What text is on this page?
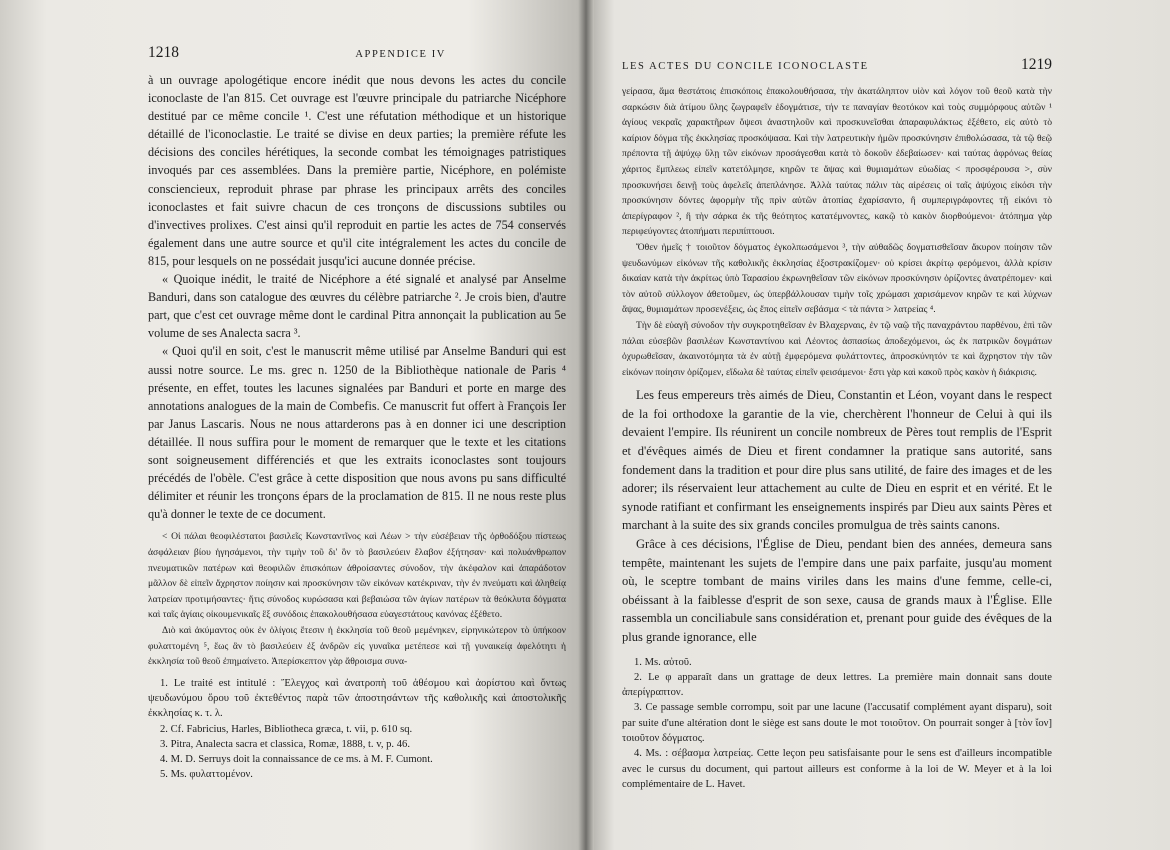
1218	APPENDICE IV

à un ouvrage apologétique encore inédit que nous devons les actes du concile iconoclaste de l'an 815. Cet ouvrage est l'œuvre principale du patriarche Nicéphore destitué par ce même concile ¹. C'est une réfutation méthodique et un historique détaillé de l'iconoclastie. Le traité se divise en deux parties; la première réfute les décisions des conciles hérétiques, la seconde combat les témoignages patristiques invoqués par ces assemblées. Dans la première partie, Nicéphore, en polémiste consciencieux, reproduit phrase par phrase les principaux arrêts des conciles iconoclastes et fait suivre chacun de ces tronçons de discussions subtiles ou d'invectives prolixes. C'est ainsi qu'il reproduit en partie les actes de 754 conservés également dans une autre source et qu'il cite intégralement les actes du concile de 815, pour lesquels on ne possédait jusqu'ici aucune donnée précise.

« Quoique inédit, le traité de Nicéphore a été signalé et analysé par Anselme Banduri, dans son catalogue des œuvres du célèbre patriarche ². Je crois bien, d'autre part, que c'est cet ouvrage même dont le cardinal Pitra annonçait la publication au 5e volume de ses Analecta sacra ³.

« Quoi qu'il en soit, c'est le manuscrit même utilisé par Anselme Banduri qui est aussi notre source. Le ms. grec n. 1250 de la Bibliothèque nationale de Paris ⁴ présente, en effet, toutes les lacunes signalées par Banduri et porte en marge des annotations analogues de la main de Combefis. Ce manuscrit fut offert à François Ier par Janus Lascaris. Nous ne nous attarderons pas à en donner ici une description détaillée. Il nous suffira pour le moment de remarquer que le texte et les citations sont soigneusement différenciés et que les extraits iconoclastes sont toujours précédés de l'obèle. C'est grâce à cette disposition que nous avons pu sans difficulté délimiter et réunir les tronçons épars de la proclamation de 815. Il ne nous reste plus qu'à donner le texte de ce document.

< Οἱ πάλαι θεοφιλέστατοι βασιλεῖς Κωνσταντῖνος καὶ Λέων > τὴν εὐσέβειαν τῆς ὀρθοδόξου πίστεως ἀσφάλειαν βίου ἡγησάμενοι, τὴν τιμὴν τοῦ δι' ὃν τὸ βασιλεύειν ἔλαβον ἐξήτησαν· καὶ πολυάνθρωπον πνευματικῶν πατέρων καὶ θεοφιλῶν ἐπισκόπων ἀθροίσαντες σύνοδον, τὴν ἀκέφαλον καὶ ἀπαράδοτον μᾶλλον δὲ εἰπεῖν ἄχρηστον ποίησιν καὶ προσκύνησιν τῶν εἰκόνων κατέκριναν, τὴν ἐν πνεύματι καὶ ἀληθείᾳ λατρείαν προτιμήσαντες· ἥτις σύνοδος κυρώσασα καὶ βεβαιώσα τῶν ἁγίων πατέρων τὰ θεόκλυτα δόγματα καὶ ταῖς ἁγίαις οἰκουμενικαῖς ἓξ συνόδοις ἐπακολουθήσασα εὐαγεστάτους κανόνας ἐξέθετο.

Διὸ καὶ ἀκύμαντος οὐκ ἐν ὀλίγοις ἔτεσιν ἡ ἐκκλησία τοῦ θεοῦ μεμένηκεν, εἰρηνικώτερον τὸ ὑπήκοον φυλαττομένη ⁵, ἕως ἂν τὸ βασιλεύειν ἐξ ἀνδρῶν εἰς γυναῖκα μετέπεσε καὶ τῇ γυναικείᾳ ἀφελότητι ἡ ἐκκλησία τοῦ θεοῦ ἐπημαίνετο. Ἀπερίσκεπτον γὰρ ἄθροισμα συνα-

1. Le traité est intitulé : Ἔλεγχος καὶ ἀνατροπὴ τοῦ ἀθέσμου καὶ ἀορίστου καὶ ὄντως ψευδωνύμου ὅρου τοῦ ἐκτεθέντος παρὰ τῶν ἀποστησάντων τῆς καθολικῆς καὶ ἀποστολικῆς ἐκκλησίας κ. τ. λ.
2. Cf. Fabricius, Harles, Bibliotheca græca, t. vii, p. 610 sq.
3. Pitra, Analecta sacra et classica, Romæ, 1888, t. v, p. 46.
4. M. D. Serruys doit la connaissance de ce ms. à M. F. Cumont.
5. Ms. φυλαττομένον.
LES ACTES DU CONCILE ICONOCLASTE	1219

γείρασα, ἅμα θεστάτοις ἐπισκόποις ἐπακολουθήσασα, τὴν ἀκατάληπτον υἱὸν καὶ λόγον τοῦ θεοῦ κατὰ τὴν σαρκώσιν διὰ ἀτίμου ὕλης ζωγραφεῖν ἐδογμάτισε, τήν τε παναγίαν θεοτόκον καὶ τοὺς συμμόρφους αὐτῶν ¹ ἁγίους νεκραῖς χαρακτῆρων ὄψεσι ἀναστηλοῦν καὶ προσκυνεῖσθαι ἀπαραφυλάκτως ἐξέθετο, εἰς αὐτὸ τὸ καίριον δόγμα τῆς ἐκκλησίας προσκόψασα. Καὶ τὴν λατρευτικὴν ἡμῶν προσκύνησιν ἐπιθολώσασα, τὰ τῷ θεῷ πρέποντα τῇ ἀψύχῳ ὕλῃ τῶν εἰκόνων προσάγεσθαι κατὰ τὸ δοκοῦν ἐδεβαίωσεν· καὶ ταύτας ἀφρόνως θείας χάριτος ἔμπλεως εἰπεῖν κατετόλμησε, κηρῶν τε ἅψας καὶ θυμιαμάτων εὐωδίας < προσφέρουσα >, σὺν προσκυνήσει δεινῇ τοὺς ἀφελεῖς ἀπεπλάνησε. Ἀλλὰ ταύτας πάλιν τὰς αἱρέσεις οἱ ταῖς ἀψύχοις εἰκόσι τὴν προσκύνησιν δόντες ἀφορμὴν τῆς πρὶν αὐτῶν ἀτοπίας ἐχαρίσαντο, ἢ συμπεριγράφοντες τῇ εἰκόνι τὸ ἀπερίγραφον ², ἢ τὴν σάρκα ἐκ τῆς θεότητος κατατέμνοντες, κακῷ τὸ κακὸν διορθούμενοι· ἀτόπημα γὰρ περιφεύγοντες ἀτοπήματι περιπίπτουσι.

Ὅθεν ἠμεῖς † τοιοῦτον δόγματος ἐγκολπωσάμενοι ³, τὴν αὐθαδῶς δογματισθεῖσαν ἄκυρον ποίησιν τῶν ψευδωνύμων εἰκόνων τῆς καθολικῆς ἐκκλησίας ἐξοστρακίζομεν· οὐ κρίσει ἀκρίτῳ φερόμενοι, ἀλλὰ κρίσιν δικαίαν κατὰ τὴν ἀκρίτως ὑπὸ Ταρασίου ἐκρωνηθεῖσαν τῶν εἰκόνων προσκύνησιν ὁρίζοντες ἀνατρέπομεν· καὶ τὸν αὐτοῦ σύλλογον ἀθετοῦμεν, ὡς ὑπερβάλλουσαν τιμὴν τοῖς χρώμασι χαρισάμενον κηρῶν τε καὶ λύχνων ἅψας, θυμιαμάτων προσενέξεις, ὡς ἔπος εἰπεῖν σεβάσμα < τὰ πάντα > λατρείας ⁴.

Τὴν δὲ εὐαγῆ σύνοδον τὴν συγκροτηθεῖσαν ἐν Βλαχερναις, ἐν τῷ ναῷ τῆς παναχράντου παρθένου, ἐπὶ τῶν πάλαι εὐσεβῶν βασιλέων Κωνσταντίνου καὶ Λέοντος ἀσπασίως ἀποδεχόμενοι, ὡς ἐκ πατρικῶν δογμάτων ὀχυρωθεῖσαν, ἀκαινοτόμητα τὰ ἐν αὐτῇ ἐμφερόμενα φυλάττοντες, ἀπροσκύνητόν τε καὶ ἄχρηστον τὴν τῶν εἰκόνων ποίησιν ὁρίζομεν, εἴδωλα δὲ ταύτας εἰπεῖν φεισάμενοι· ἔστι γὰρ καὶ κακοῦ πρὸς κακὸν ἡ διάκρισις.

Les feus empereurs très aimés de Dieu, Constantin et Léon, voyant dans le respect de la foi orthodoxe la garantie de la vie, cherchèrent l'honneur de Celui à qui ils devaient l'empire. Ils réunirent un concile nombreux de Pères tout remplis de l'Esprit et d'évêques aimés de Dieu et firent condamner la pratique sans autorité, sans fondement dans la tradition et pour dire plus sans utilité, de faire des images et de les adorer; ils réservaient leur attachement au culte de Dieu en esprit et en vérité. Et le synode ratifiant et confirmant les enseignements inspirés par Dieu aux saints Pères et marchant à la suite des six grands conciles promulgua de très saints canons.

Grâce à ces décisions, l'Église de Dieu, pendant bien des années, demeura sans tempête, maintenant les sujets de l'empire dans une paix parfaite, jusqu'au moment où, le sceptre tombant de mains viriles dans les mains d'une femme, celle-ci, obéissant à la faiblesse d'esprit de son sexe, causa de grands maux à l'Église. Elle rassembla un conciliabule sans considération et, prenant pour guide des évêques de la plus grande ignorance, elle

1. Ms. αὐτοῦ.
2. Le φ apparaît dans un grattage de deux lettres. La première main donnait sans doute ἀπερίγραπτον.
3. Ce passage semble corrompu, soit par une lacune (l'accusatif complément ayant disparu), soit par suite d'une altération dont le siège est sans doute le mot τοιοῦτον. On pourrait songer à [τὸν ἴον] τοιοῦτον δόγματος.
4. Ms. : σέβασμα λατρείας. Cette leçon peu satisfaisante pour le sens est d'ailleurs incompatible avec le cursus du document, qui partout ailleurs est conforme à la loi de W. Meyer et à la loi complémentaire de L. Havet.
